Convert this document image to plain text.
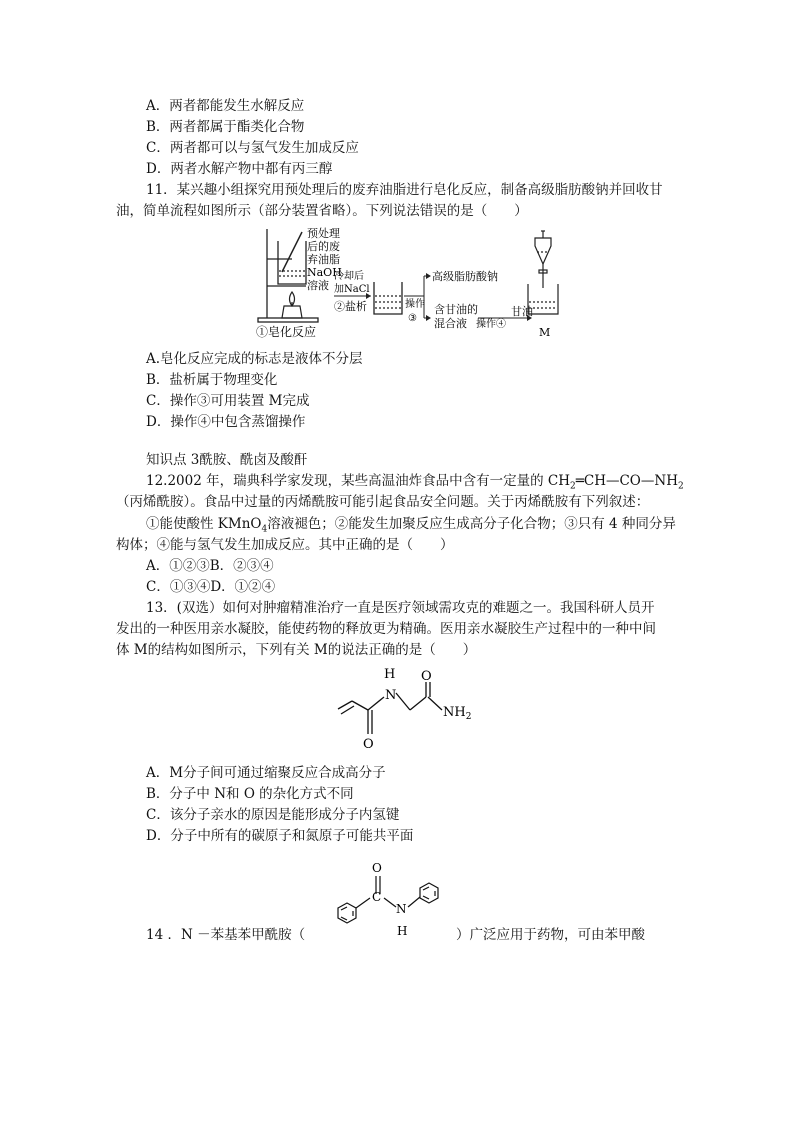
A．两者都能发生水解反应
B．两者都属于酯类化合物
C．两者都可以与氢气发生加成反应
D．两者水解产物中都有丙三醇
11．某兴趣小组探究用预处理后的废弃油脂进行皂化反应，制备高级脂肪酸钠并回收甘
油，简单流程如图所示（部分装置省略）。下列说法错误的是（　　）
预处理
后的废
弃油脂
NaOH
溶液
①皂化反应
冷却后
加NaCl
②盐析	操作
③
高级脂肪酸钠
含甘油的
混合液 操作④
甘油
M
A.皂化反应完成的标志是液体不分层
B．盐析属于物理变化
C．操作③可用装置 M完成
D．操作④中包含蒸馏操作
知识点 3酰胺、酰卤及酸酐
12.2002 年，瑞典科学家发现，某些高温油炸食品中含有一定量的 $CH_2═CH—CO—NH_2$
（丙烯酰胺）。食品中过量的丙烯酰胺可能引起食品安全问题。关于丙烯酰胺有下列叙述：
①能使酸性 KMnO$_4$溶液褪色；②能发生加聚反应生成高分子化合物；③只有 4 种同分异
构体；④能与氢气发生加成反应。其中正确的是（　　）
A．①②③B．②③④
C．①③④D．①②④
13．(双选）如何对肿瘤精准治疗一直是医疗领域需攻克的难题之一。我国科研人员开
发出的一种医用亲水凝胶，能使药物的释放更为精确。医用亲水凝胶生产过程中的一种中间
体 M的结构如图所示，下列有关 M的说法正确的是（　　）
H
N
O
O
$NH_2$
A．M分子间可通过缩聚反应合成高分子
B．分子中 N和 O 的杂化方式不同
C．该分子亲水的原因是能形成分子内氢键
D．分子中所有的碳原子和氮原子可能共平面
14 ．N －苯基苯甲酰胺（
O
C
N
H	）广泛应用于药物，可由苯甲酸
